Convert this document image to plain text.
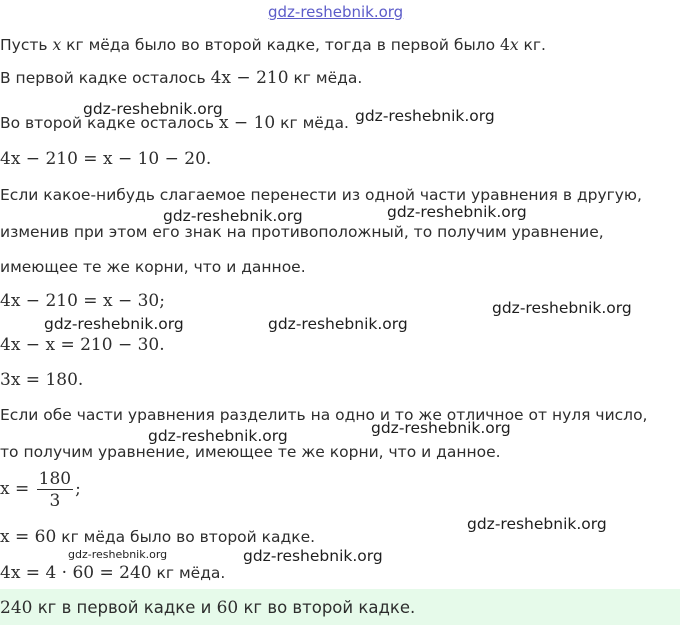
gdz-reshebnik.org
gdz-reshebnik.org	gdz-reshebnik.org
gdz-reshebnik.org	gdz-reshebnik.org
gdz-reshebnik.org
gdz-reshebnik.org	gdz-reshebnik.org
gdz-reshebnik.org	gdz-reshebnik.org
gdz-reshebnik.org
gdz-reshebnik.org
gdz-reshebnik.org
Пусть x кг мёда было во второй кадке, тогда в первой было 4x кг.
В первой кадке осталось 4x − 210 кг мёда.
Во второй кадке осталось x − 10 кг мёда.
4x − 210 = x − 10 − 20.
Если какое-нибудь слагаемое перенести из одной части уравнения в другую,
изменив при этом его знак на противоположный, то получим уравнение,
имеющее те же корни, что и данное.
4x − 210 = x − 30;
4x − x = 210 − 30.
3x = 180.
Если обе части уравнения разделить на одно и то же отличное от нуля число,
то получим уравнение, имеющее те же корни, что и данное.
$x = \frac{180}{3}$ ;
x = 60 кг мёда было во второй кадке.
4x = 4 · 60 = 240 кг мёда.
240 кг в первой кадке и 60 кг во второй кадке.
